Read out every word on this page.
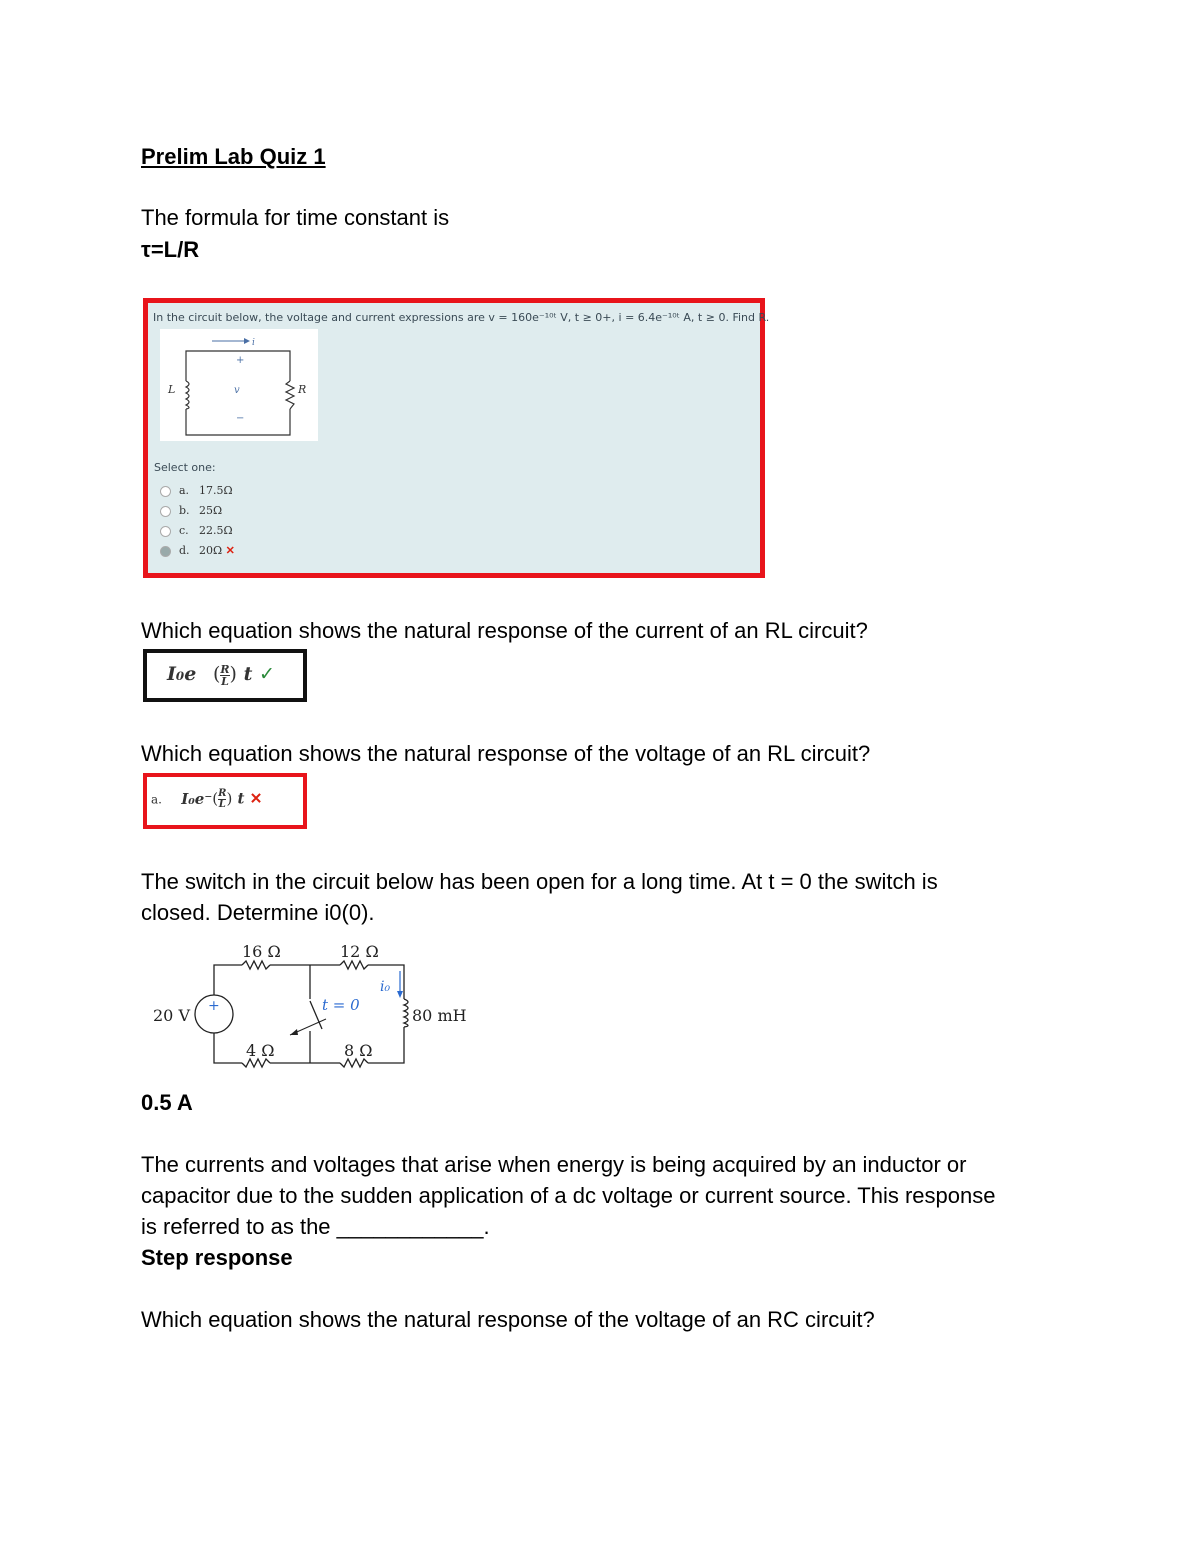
Prelim Lab Quiz 1
The formula for time constant is
τ=L/R
In the circuit below, the voltage and current expressions are v = 160e⁻¹⁰ᵗ V, t ≥ 0+, i = 6.4e⁻¹⁰ᵗ A, t ≥ 0. Find R.
i
+
v
−
L	R
Select one:
a. 17.5Ω
b. 25Ω
c. 22.5Ω
d. 20Ω ✕
Which equation shows the natural response of the current of an RL circuit?
I₀e ( $\frac{R}{L}$ ) t ✓
Which equation shows the natural response of the voltage of an RL circuit?
a. $I_0e^-( \frac{R}{L}$ ) t ✕
The switch in the circuit below has been open for a long time. At t = 0 the switch is
closed. Determine i0(0).
16 Ω	12 Ω
4 Ω	8 Ω
20 V +	t = 0
i₀
80 mH
0.5 A
The currents and voltages that arise when energy is being acquired by an inductor or
capacitor due to the sudden application of a dc voltage or current source. This response
is referred to as the ____________.
Step response
Which equation shows the natural response of the voltage of an RC circuit?
